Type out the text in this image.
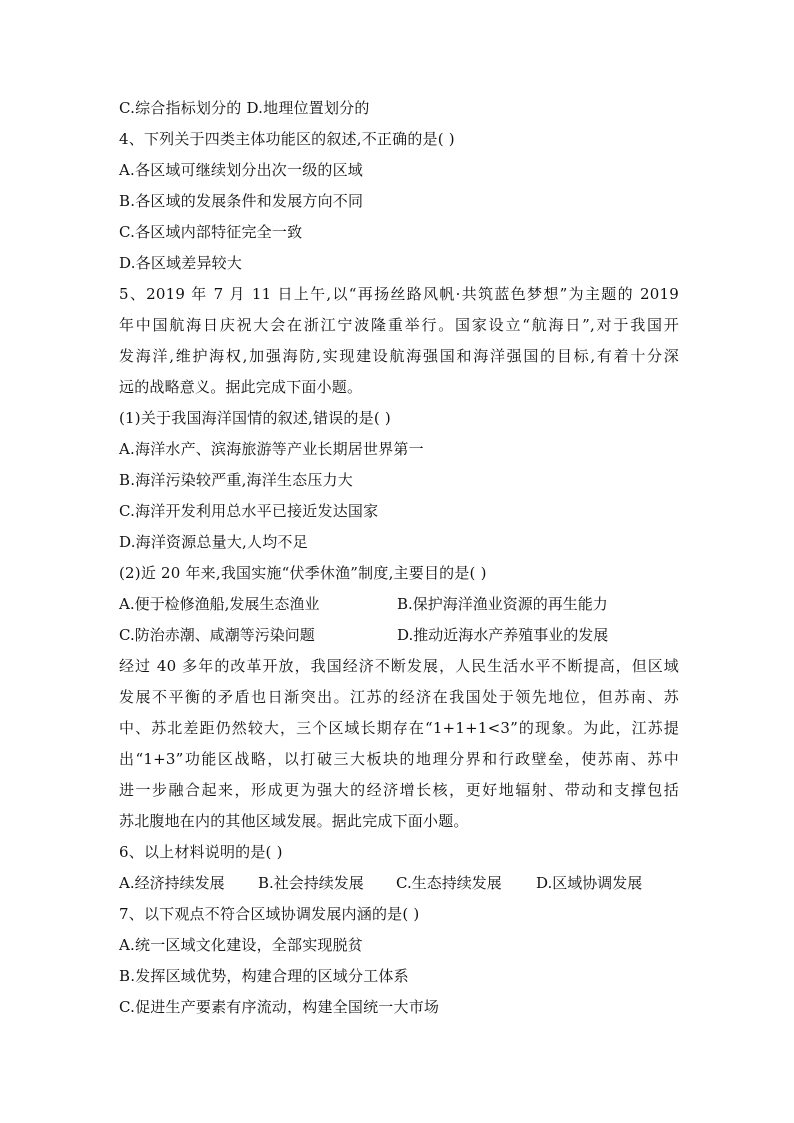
C.综合指标划分的 D.地理位置划分的
4、下列关于四类主体功能区的叙述,不正确的是( )
A.各区域可继续划分出次一级的区域
B.各区域的发展条件和发展方向不同
C.各区域内部特征完全一致
D.各区域差异较大
5、2019 年 7 月 11 日上午,以“再扬丝路风帆·共筑蓝色梦想”为主题的 2019
年中国航海日庆祝大会在浙江宁波隆重举行。国家设立“航海日”,对于我国开
发海洋,维护海权,加强海防,实现建设航海强国和海洋强国的目标,有着十分深
远的战略意义。据此完成下面小题。
(1)关于我国海洋国情的叙述,错误的是( )
A.海洋水产、滨海旅游等产业长期居世界第一
B.海洋污染较严重,海洋生态压力大
C.海洋开发利用总水平已接近发达国家
D.海洋资源总量大,人均不足
(2)近 20 年来,我国实施“伏季休渔”制度,主要目的是( )
A.便于检修渔船,发展生态渔业	B.保护海洋渔业资源的再生能力
C.防治赤潮、咸潮等污染问题	D.推动近海水产养殖事业的发展
经过 40 多年的改革开放，我国经济不断发展，人民生活水平不断提高，但区域
发展不平衡的矛盾也日渐突出。江苏的经济在我国处于领先地位，但苏南、苏
中、苏北差距仍然较大，三个区域长期存在“1+1+1<3”的现象。为此，江苏提
出“1+3”功能区战略，以打破三大板块的地理分界和行政壁垒，使苏南、苏中
进一步融合起来，形成更为强大的经济增长核，更好地辐射、带动和支撑包括
苏北腹地在内的其他区域发展。据此完成下面小题。
6、以上材料说明的是( )
A.经济持续发展	B.社会持续发展	C.生态持续发展	D.区域协调发展
7、以下观点不符合区域协调发展内涵的是( )
A.统一区域文化建设，全部实现脱贫
B.发挥区域优势，构建合理的区域分工体系
C.促进生产要素有序流动，构建全国统一大市场
